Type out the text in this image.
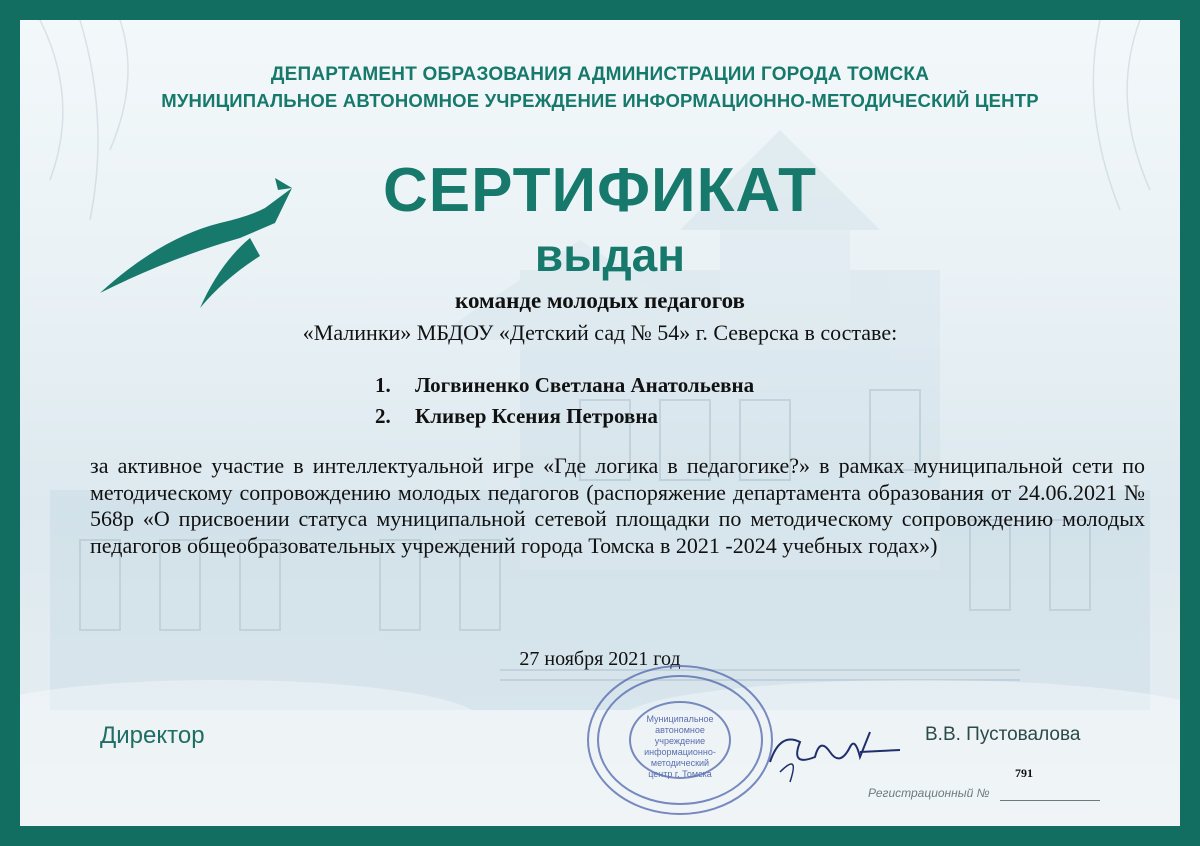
ДЕПАРТАМЕНТ ОБРАЗОВАНИЯ АДМИНИСТРАЦИИ ГОРОДА ТОМСКА
МУНИЦИПАЛЬНОЕ АВТОНОМНОЕ УЧРЕЖДЕНИЕ ИНФОРМАЦИОННО-МЕТОДИЧЕСКИЙ ЦЕНТР
СЕРТИФИКАТ
выдан
команде молодых педагогов
«Малинки» МБДОУ «Детский сад № 54» г. Северска в составе:
1. Логвиненко Светлана Анатольевна
2. Кливер Ксения Петровна
за активное участие в интеллектуальной игре «Где логика в педагогике?» в рамках муниципальной сети по методическому сопровождению молодых педагогов (распоряжение департамента образования от 24.06.2021 № 568р «О присвоении статуса муниципальной сетевой площадки по методическому сопровождению молодых педагогов общеобразовательных учреждений города Томска в 2021 -2024 учебных годах»)
27 ноября 2021 год
Муниципальное
автономное
учреждение
информационно-
методический
центр г. Томска
Директор	В.В. Пустовалова
791
Регистрационный №
